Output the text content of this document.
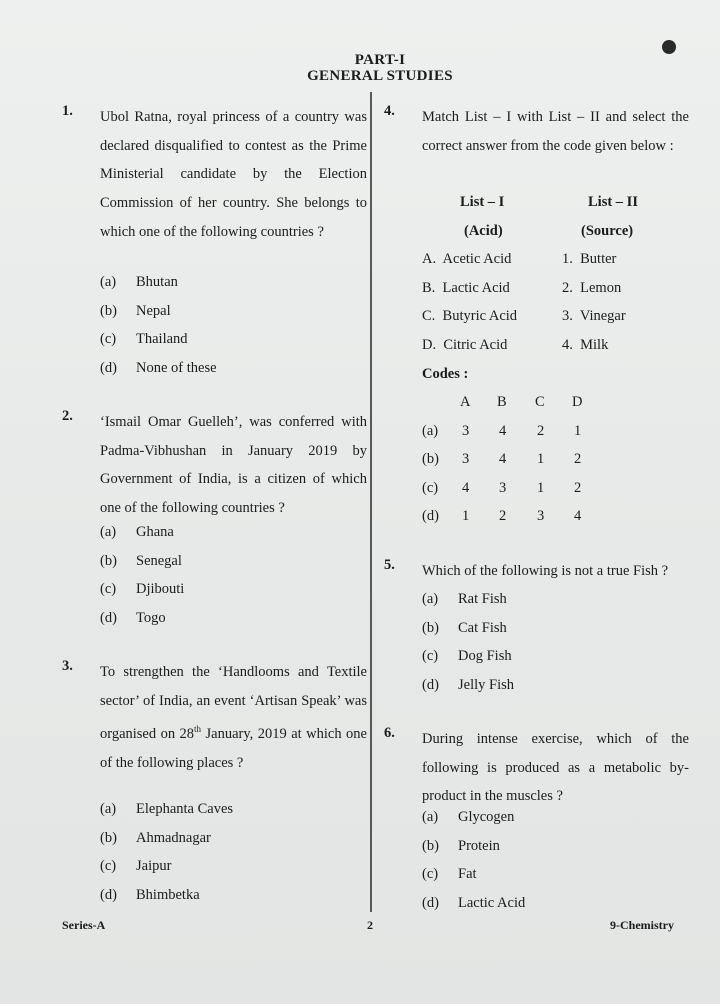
PART-I
GENERAL STUDIES
1. Ubol Ratna, royal princess of a country was declared disqualified to contest as the Prime Ministerial candidate by the Election Commission of her country. She belongs to which one of the following countries ?
(a) Bhutan
(b) Nepal
(c) Thailand
(d) None of these
2. ‘Ismail Omar Guelleh’, was conferred with Padma-Vibhushan in January 2019 by Government of India, is a citizen of which one of the following countries ?
(a) Ghana
(b) Senegal
(c) Djibouti
(d) Togo
3. To strengthen the ‘Handlooms and Textile sector’ of India, an event ‘Artisan Speak’ was organised on 28th January, 2019 at which one of the following places ?
(a) Elephanta Caves
(b) Ahmadnagar
(c) Jaipur
(d) Bhimbetka
4. Match List – I with List – II and select the correct answer from the code given below :
List – I	List – II
(Acid)	(Source)
A.  Acetic Acid	1.  Butter
B.  Lactic Acid	2.  Lemon
C.  Butyric Acid	3.  Vinegar
D.  Citric Acid	4.  Milk
Codes :
A B C D
(a) 3 4 2 1
(b) 3 4 1 2
(c) 4 3 1 2
(d) 1 2 3 4
5. Which of the following is not a true Fish ?
(a) Rat Fish
(b) Cat Fish
(c) Dog Fish
(d) Jelly Fish
6. During intense exercise, which of the following is produced as a metabolic by-product in the muscles ?
(a) Glycogen
(b) Protein
(c) Fat
(d) Lactic Acid
Series-A	2	9-Chemistry
